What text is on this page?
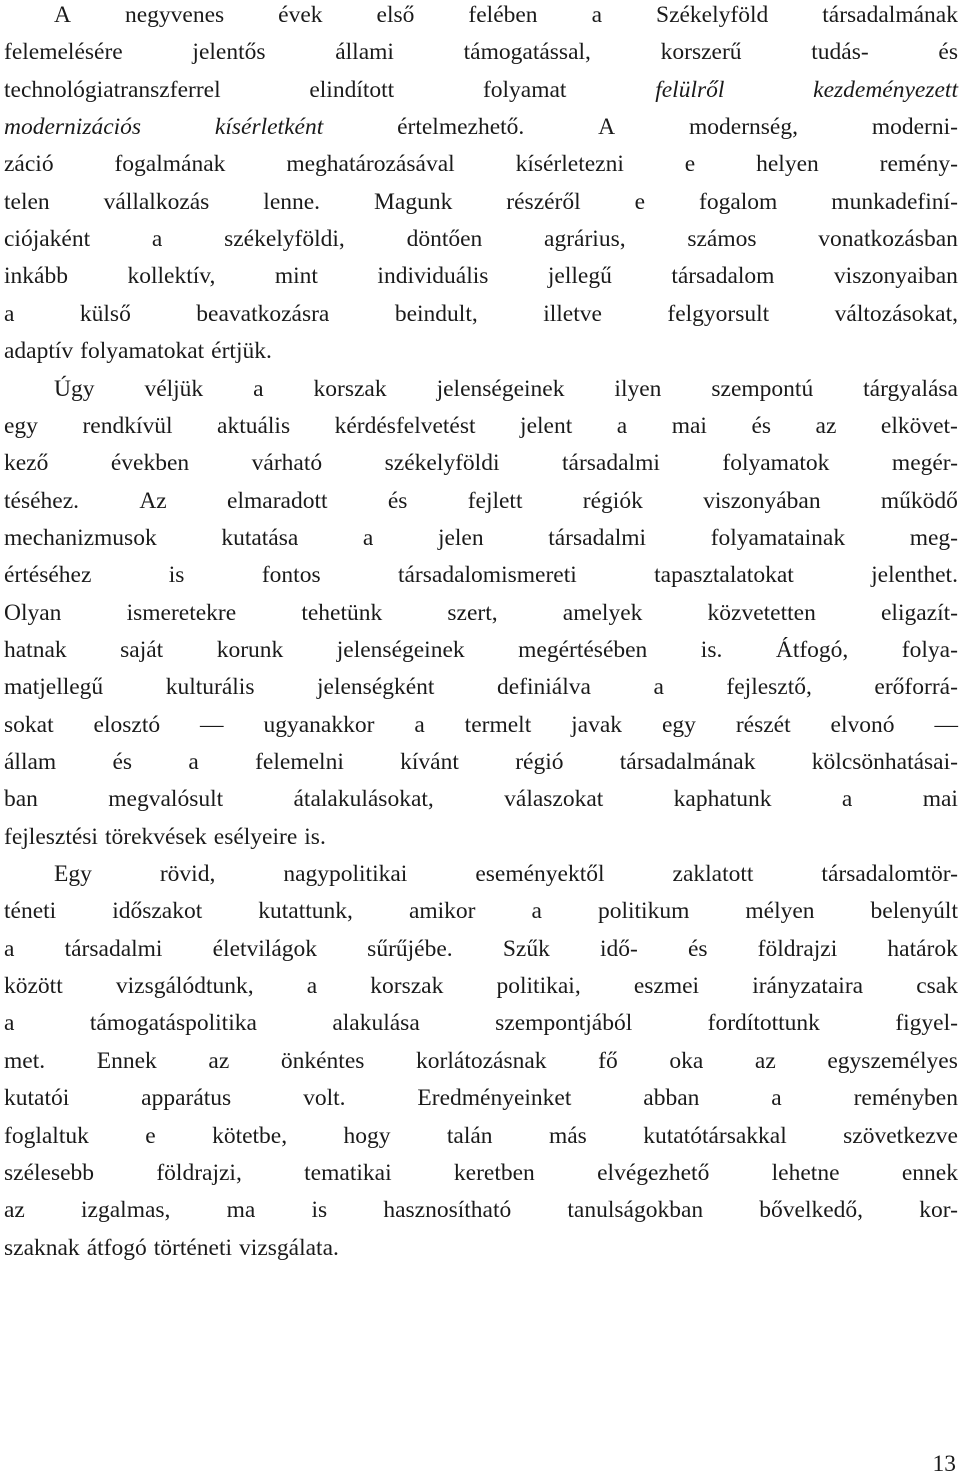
A negyvenes évek első felében a Székelyföld társadalmának
felemelésére	jelentős	állami	támogatással,	korszerű	tudás-	és
technológiatranszferrel	elindított	folyamat	felülről	kezdeményezett
modernizációs	kísérletként	értelmezhető.	A	modernség,	moderni-
záció	fogalmának	meghatározásával	kísérletezni	e	helyen	remény-
telen vállalkozás lenne. Magunk részéről e fogalom munkadefiní-
ciójaként	a	székelyföldi,	döntően	agrárius,	számos	vonatkozásban
inkább	kollektív,	mint	individuális	jellegű	társadalom	viszonyaiban
a	külső	beavatkozásra	beindult,	illetve	felgyorsult	változásokat,
adaptív folyamatokat értjük.
Úgy véljük a korszak jelenségeinek ilyen szempontú tárgyalása
egy rendkívül aktuális kérdésfelvetést jelent a mai és az elkövet-
kező	években	várható	székelyföldi	társadalmi	folyamatok	megér-
téséhez.	Az	elmaradott	és	fejlett	régiók	viszonyában	működő
mechanizmusok	kutatása	a	jelen	társadalmi	folyamatainak	meg-
értéséhez	is	fontos	társadalomismereti	tapasztalatokat	jelenthet.
Olyan	ismeretekre	tehetünk	szert,	amelyek	közvetetten	eligazít-
hatnak saját korunk jelenségeinek megértésében is. Átfogó, folya-
matjellegű	kulturális	jelenségként	definiálva	a	fejlesztő,	erőforrá-
sokat elosztó — ugyanakkor a termelt javak egy részét elvonó —
állam és a felemelni kívánt régió társadalmának kölcsönhatásai-
ban	megvalósult	átalakulásokat,	válaszokat	kaphatunk	a	mai
fejlesztési törekvések esélyeire is.
Egy	rövid,	nagypolitikai	eseményektől	zaklatott	társadalomtör-
téneti időszakot kutattunk, amikor a politikum mélyen belenyúlt
a társadalmi életvilágok sűrűjébe. Szűk idő- és földrajzi határok
között vizsgálódtunk, a korszak politikai, eszmei irányzataira csak
a	támogatáspolitika	alakulása	szempontjából	fordítottunk	figyel-
met. Ennek az önkéntes korlátozásnak fő oka az egyszemélyes
kutatói	apparátus	volt.	Eredményeinket	abban	a	reményben
foglaltuk e kötetbe, hogy talán más kutatótársakkal szövetkezve
szélesebb	földrajzi,	tematikai	keretben	elvégezhető	lehetne	ennek
az izgalmas, ma is hasznosítható tanulságokban bővelkedő, kor-
szaknak átfogó történeti vizsgálata.
13
